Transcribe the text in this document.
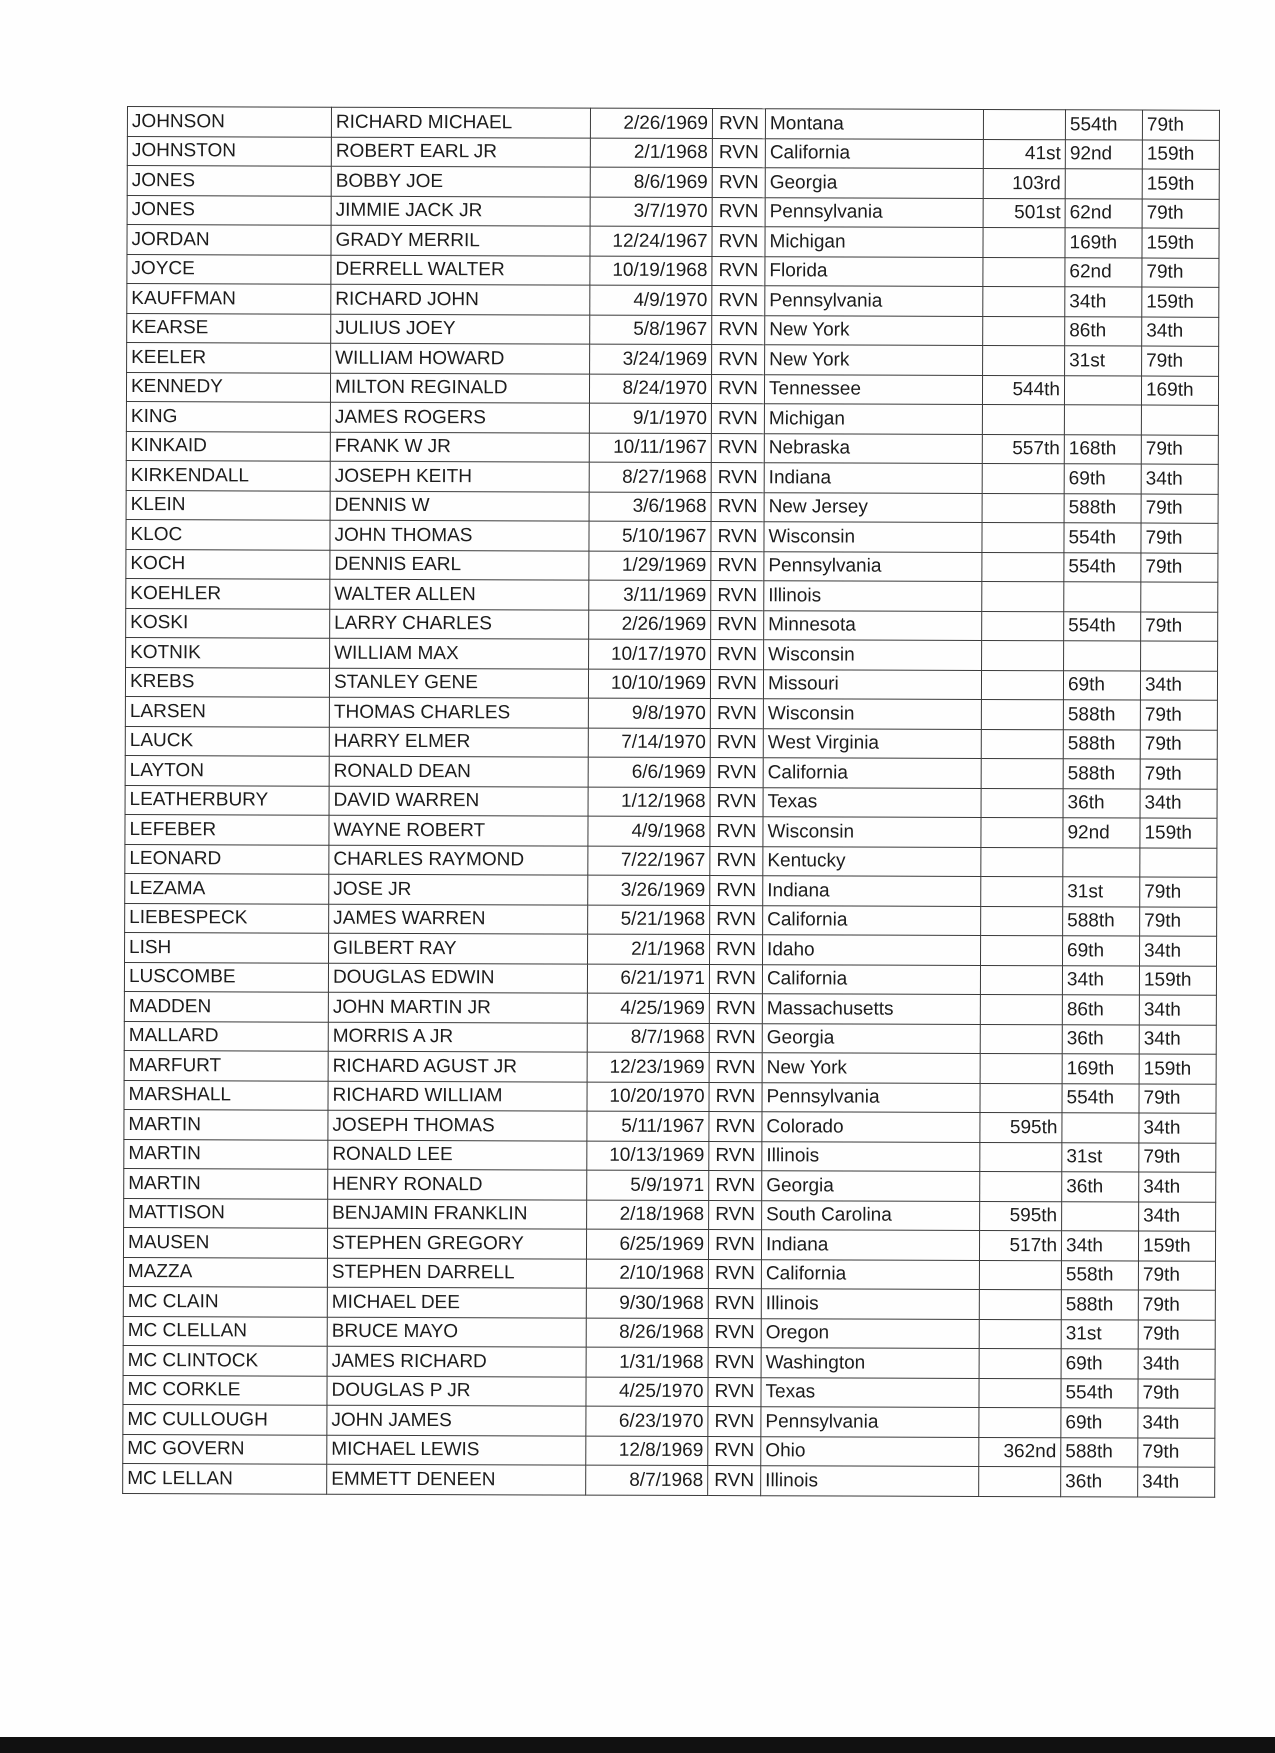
JOHNSON	RICHARD MICHAEL	2/26/1969	RVN	Montana		554th	79th
JOHNSTON	ROBERT EARL JR	2/1/1968	RVN	California	41st	92nd	159th
JONES	BOBBY JOE	8/6/1969	RVN	Georgia	103rd		159th
JONES	JIMMIE JACK JR	3/7/1970	RVN	Pennsylvania	501st	62nd	79th
JORDAN	GRADY MERRIL	12/24/1967	RVN	Michigan		169th	159th
JOYCE	DERRELL WALTER	10/19/1968	RVN	Florida		62nd	79th
KAUFFMAN	RICHARD JOHN	4/9/1970	RVN	Pennsylvania		34th	159th
KEARSE	JULIUS JOEY	5/8/1967	RVN	New York		86th	34th
KEELER	WILLIAM HOWARD	3/24/1969	RVN	New York		31st	79th
KENNEDY	MILTON REGINALD	8/24/1970	RVN	Tennessee	544th		169th
KING	JAMES ROGERS	9/1/1970	RVN	Michigan			
KINKAID	FRANK W JR	10/11/1967	RVN	Nebraska	557th	168th	79th
KIRKENDALL	JOSEPH KEITH	8/27/1968	RVN	Indiana		69th	34th
KLEIN	DENNIS W	3/6/1968	RVN	New Jersey		588th	79th
KLOC	JOHN THOMAS	5/10/1967	RVN	Wisconsin		554th	79th
KOCH	DENNIS EARL	1/29/1969	RVN	Pennsylvania		554th	79th
KOEHLER	WALTER ALLEN	3/11/1969	RVN	Illinois			
KOSKI	LARRY CHARLES	2/26/1969	RVN	Minnesota		554th	79th
KOTNIK	WILLIAM MAX	10/17/1970	RVN	Wisconsin			
KREBS	STANLEY GENE	10/10/1969	RVN	Missouri		69th	34th
LARSEN	THOMAS CHARLES	9/8/1970	RVN	Wisconsin		588th	79th
LAUCK	HARRY ELMER	7/14/1970	RVN	West Virginia		588th	79th
LAYTON	RONALD DEAN	6/6/1969	RVN	California		588th	79th
LEATHERBURY	DAVID WARREN	1/12/1968	RVN	Texas		36th	34th
LEFEBER	WAYNE ROBERT	4/9/1968	RVN	Wisconsin		92nd	159th
LEONARD	CHARLES RAYMOND	7/22/1967	RVN	Kentucky			
LEZAMA	JOSE JR	3/26/1969	RVN	Indiana		31st	79th
LIEBESPECK	JAMES WARREN	5/21/1968	RVN	California		588th	79th
LISH	GILBERT RAY	2/1/1968	RVN	Idaho		69th	34th
LUSCOMBE	DOUGLAS EDWIN	6/21/1971	RVN	California		34th	159th
MADDEN	JOHN MARTIN JR	4/25/1969	RVN	Massachusetts		86th	34th
MALLARD	MORRIS A JR	8/7/1968	RVN	Georgia		36th	34th
MARFURT	RICHARD AGUST JR	12/23/1969	RVN	New York		169th	159th
MARSHALL	RICHARD WILLIAM	10/20/1970	RVN	Pennsylvania		554th	79th
MARTIN	JOSEPH THOMAS	5/11/1967	RVN	Colorado	595th		34th
MARTIN	RONALD LEE	10/13/1969	RVN	Illinois		31st	79th
MARTIN	HENRY RONALD	5/9/1971	RVN	Georgia		36th	34th
MATTISON	BENJAMIN FRANKLIN	2/18/1968	RVN	South Carolina	595th		34th
MAUSEN	STEPHEN GREGORY	6/25/1969	RVN	Indiana	517th	34th	159th
MAZZA	STEPHEN DARRELL	2/10/1968	RVN	California		558th	79th
MC CLAIN	MICHAEL DEE	9/30/1968	RVN	Illinois		588th	79th
MC CLELLAN	BRUCE MAYO	8/26/1968	RVN	Oregon		31st	79th
MC CLINTOCK	JAMES RICHARD	1/31/1968	RVN	Washington		69th	34th
MC CORKLE	DOUGLAS P JR	4/25/1970	RVN	Texas		554th	79th
MC CULLOUGH	JOHN JAMES	6/23/1970	RVN	Pennsylvania		69th	34th
MC GOVERN	MICHAEL LEWIS	12/8/1969	RVN	Ohio	362nd	588th	79th
MC LELLAN	EMMETT DENEEN	8/7/1968	RVN	Illinois		36th	34th
